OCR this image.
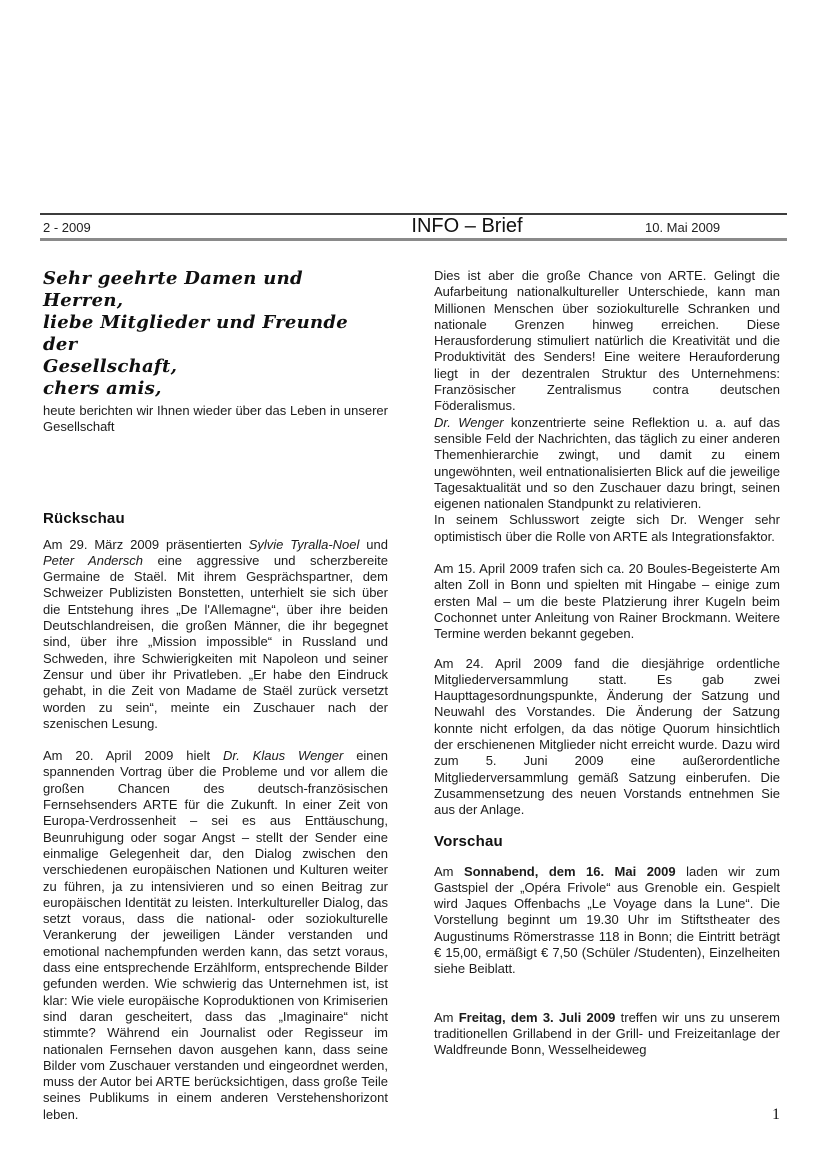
2 - 2009	INFO – Brief	10. Mai 2009
Sehr geehrte Damen und Herren,
liebe Mitglieder und Freunde der
Gesellschaft,
chers amis,

heute berichten wir Ihnen wieder über das Leben in unserer Gesellschaft

Rückschau

Am 29. März 2009 präsentierten Sylvie Tyralla-Noel und Peter Andersch eine aggressive und scherzbereite Germaine de Staël. Mit ihrem Gesprächspartner, dem Schweizer Publizisten Bonstetten, unterhielt sie sich über die Entstehung ihres „De l'Allemagne“, über ihre beiden Deutschlandreisen, die großen Männer, die ihr begegnet sind, über ihre „Mission impossible“ in Russland und Schweden, ihre Schwierigkeiten mit Napoleon und seiner Zensur und über ihr Privatleben. „Er habe den Eindruck gehabt, in die Zeit von Madame de Staël zurück versetzt worden zu sein“, meinte ein Zuschauer nach der szenischen Lesung.

Am 20. April 2009 hielt Dr. Klaus Wenger einen spannenden Vortrag über die Probleme und vor allem die großen Chancen des deutsch-französischen Fernsehsenders ARTE für die Zukunft. In einer Zeit von Europa-Verdrossenheit – sei es aus Enttäuschung, Beunruhigung oder sogar Angst – stellt der Sender eine einmalige Gelegenheit dar, den Dialog zwischen den verschiedenen europäischen Nationen und Kulturen weiter zu führen, ja zu intensivieren und so einen Beitrag zur europäischen Identität zu leisten. Interkultureller Dialog, das setzt voraus, dass die national- oder soziokulturelle Verankerung der jeweiligen Länder verstanden und emotional nachempfunden werden kann, das setzt voraus, dass eine entsprechende Erzählform, entsprechende Bilder gefunden werden. Wie schwierig das Unternehmen ist, ist klar: Wie viele europäische Koproduktionen von Krimiserien sind daran gescheitert, dass das „Imaginaire“ nicht stimmte? Während ein Journalist oder Regisseur im nationalen Fernsehen davon ausgehen kann, dass seine Bilder vom Zuschauer verstanden und eingeordnet werden, muss der Autor bei ARTE berücksichtigen, dass große Teile seines Publikums in einem anderen Verstehenshorizont leben.

Dies ist aber die große Chance von ARTE. Gelingt die Aufarbeitung nationalkultureller Unterschiede, kann man Millionen Menschen über soziokulturelle Schranken und nationale Grenzen hinweg erreichen. Diese Herausforderung stimuliert natürlich die Kreativität und die Produktivität des Senders! Eine weitere Herauforderung liegt in der dezentralen Struktur des Unternehmens: Französischer Zentralismus contra deutschen Föderalismus.

Dr. Wenger konzentrierte seine Reflektion u. a. auf das sensible Feld der Nachrichten, das täglich zu einer anderen Themenhierarchie zwingt, und damit zu einem ungewöhnten, weil entnationalisierten Blick auf die jeweilige Tagesaktualität und so den Zuschauer dazu bringt, seinen eigenen nationalen Standpunkt zu relativieren.

In seinem Schlusswort zeigte sich Dr. Wenger sehr optimistisch über die Rolle von ARTE als Integrationsfaktor.

Am 15. April 2009 trafen sich ca. 20 Boules-Begeisterte Am alten Zoll in Bonn und spielten mit Hingabe – einige zum ersten Mal – um die beste Platzierung ihrer Kugeln beim Cochonnet unter Anleitung von Rainer Brockmann. Weitere Termine werden bekannt gegeben.

Am 24. April 2009 fand die diesjährige ordentliche Mitgliederversammlung statt. Es gab zwei Haupttagesordnungspunkte, Änderung der Satzung und Neuwahl des Vorstandes. Die Änderung der Satzung konnte nicht erfolgen, da das nötige Quorum hinsichtlich der erschienenen Mitglieder nicht erreicht wurde. Dazu wird zum 5. Juni 2009 eine außerordentliche Mitgliederversammlung gemäß Satzung einberufen. Die Zusammensetzung des neuen Vorstands entnehmen Sie aus der Anlage.

Vorschau

Am Sonnabend, dem 16. Mai 2009 laden wir zum Gastspiel der „Opéra Frivole“ aus Grenoble ein. Gespielt wird Jaques Offenbachs „Le Voyage dans la Lune“. Die Vorstellung beginnt um 19.30 Uhr im Stiftstheater des Augustinums Römerstrasse 118 in Bonn; die Eintritt beträgt € 15,00, ermäßigt € 7,50 (Schüler /Studenten), Einzelheiten siehe Beiblatt.

Am Freitag, dem 3. Juli 2009 treffen wir uns zu unserem traditionellen Grillabend in der Grill- und Freizeitanlage der Waldfreunde Bonn, Wesselheideweg

1
